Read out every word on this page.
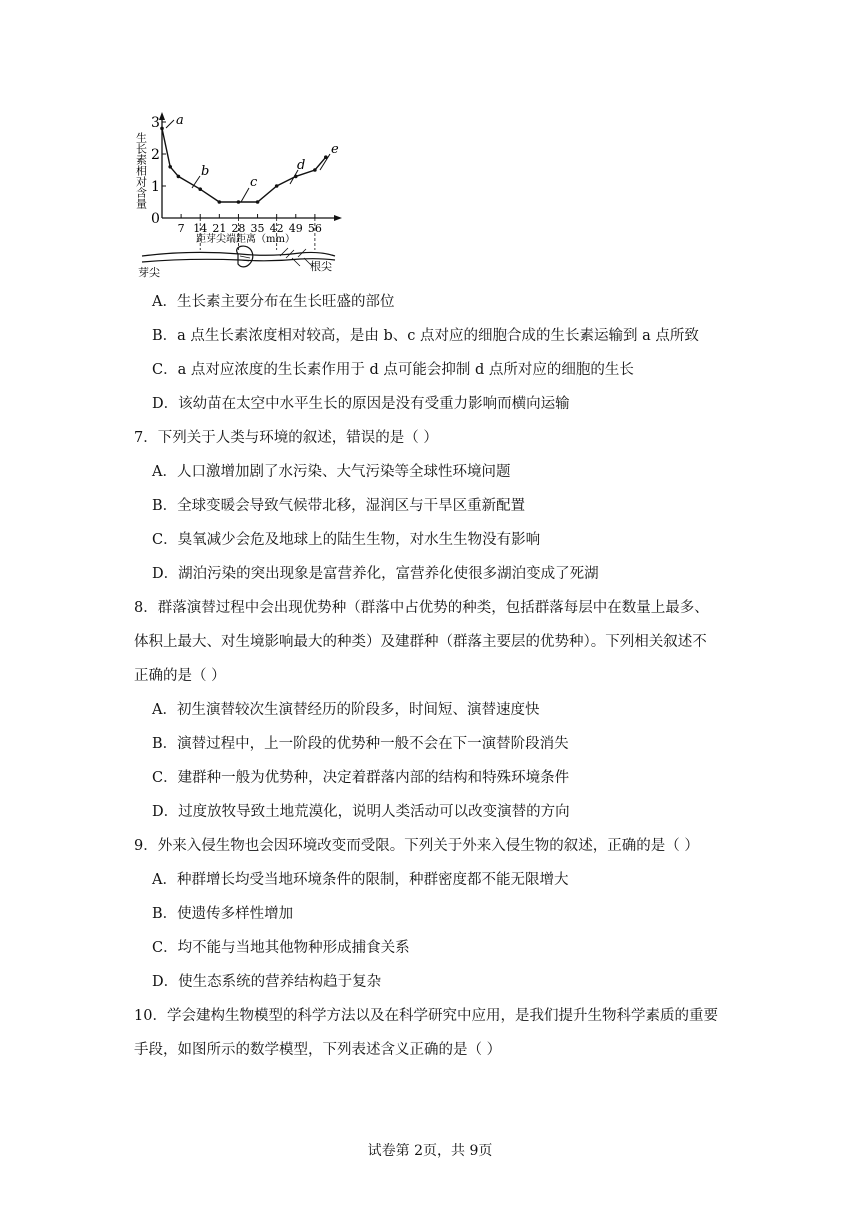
0
1
2
3
7 14 21 28 35 42 49 56
a
b
c
d
e
生长素相对含量
距芽尖端距离（mm）
芽尖	根尖
A．生长素主要分布在生长旺盛的部位
B．a 点生长素浓度相对较高，是由 b、c 点对应的细胞合成的生长素运输到 a 点所致
C．a 点对应浓度的生长素作用于 d 点可能会抑制 d 点所对应的细胞的生长
D．该幼苗在太空中水平生长的原因是没有受重力影响而横向运输
7．下列关于人类与环境的叙述，错误的是（ ）
A．人口激增加剧了水污染、大气污染等全球性环境问题
B．全球变暖会导致气候带北移，湿润区与干旱区重新配置
C．臭氧减少会危及地球上的陆生生物，对水生生物没有影响
D．湖泊污染的突出现象是富营养化，富营养化使很多湖泊变成了死湖
8．群落演替过程中会出现优势种（群落中占优势的种类，包括群落每层中在数量上最多、
体积上最大、对生境影响最大的种类）及建群种（群落主要层的优势种）。下列相关叙述不
正确的是（ ）
A．初生演替较次生演替经历的阶段多，时间短、演替速度快
B．演替过程中，上一阶段的优势种一般不会在下一演替阶段消失
C．建群种一般为优势种，决定着群落内部的结构和特殊环境条件
D．过度放牧导致土地荒漠化，说明人类活动可以改变演替的方向
9．外来入侵生物也会因环境改变而受限。下列关于外来入侵生物的叙述，正确的是（ ）
A．种群增长均受当地环境条件的限制，种群密度都不能无限增大
B．使遗传多样性增加
C．均不能与当地其他物种形成捕食关系
D．使生态系统的营养结构趋于复杂
10．学会建构生物模型的科学方法以及在科学研究中应用，是我们提升生物科学素质的重要
手段，如图所示的数学模型，下列表述含义正确的是（ ）
试卷第 2页，共 9页
